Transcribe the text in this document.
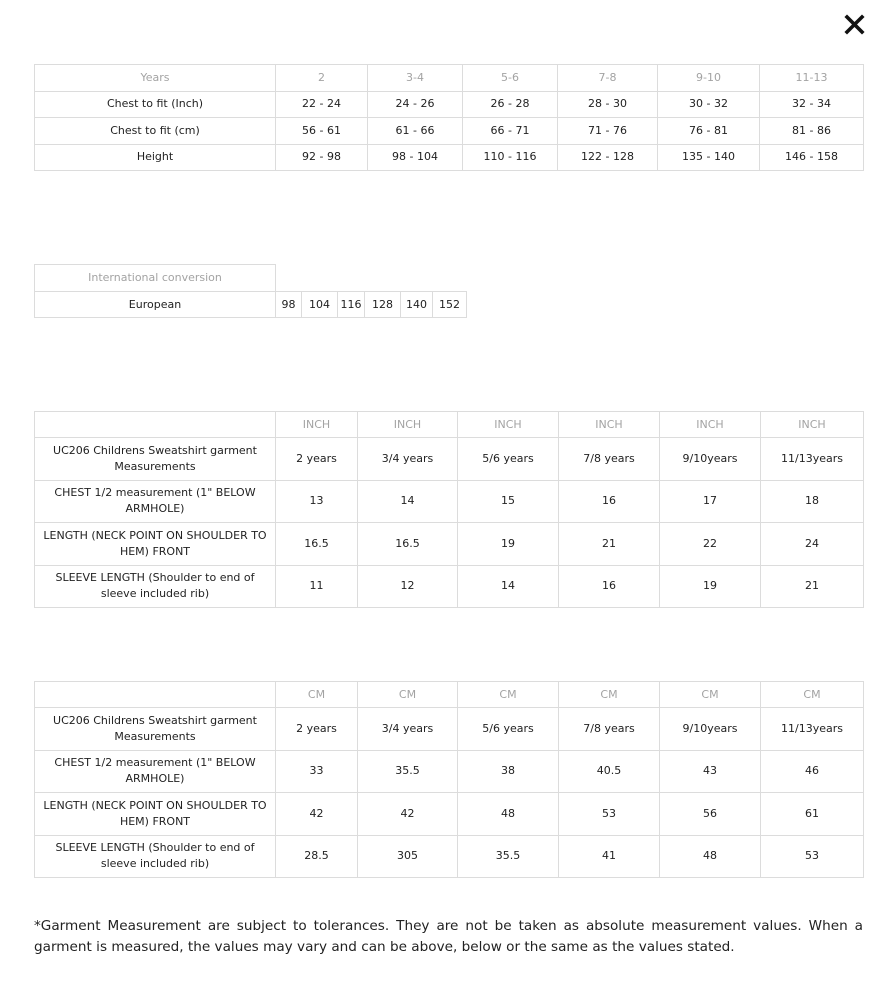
Years	2	3-4	5-6	7-8	9-10	11-13
Chest to fit (Inch)	22 - 24	24 - 26	26 - 28	28 - 30	30 - 32	32 - 34
Chest to fit (cm)	56 - 61	61 - 66	66 - 71	71 - 76	76 - 81	81 - 86
Height	92 - 98	98 - 104	110 - 116	122 - 128	135 - 140	146 - 158
International conversion						
European	98	104	116	128	140	152
	INCH	INCH	INCH	INCH	INCH	INCH
UC206 Childrens Sweatshirt garment Measurements	2 years	3/4 years	5/6 years	7/8 years	9/10years	11/13years
CHEST 1/2 measurement (1" BELOW ARMHOLE)	13	14	15	16	17	18
LENGTH (NECK POINT ON SHOULDER TO HEM) FRONT	16.5	16.5	19	21	22	24
SLEEVE LENGTH (Shoulder to end of sleeve included rib)	11	12	14	16	19	21
	CM	CM	CM	CM	CM	CM
UC206 Childrens Sweatshirt garment Measurements	2 years	3/4 years	5/6 years	7/8 years	9/10years	11/13years
CHEST 1/2 measurement (1" BELOW ARMHOLE)	33	35.5	38	40.5	43	46
LENGTH (NECK POINT ON SHOULDER TO HEM) FRONT	42	42	48	53	56	61
SLEEVE LENGTH (Shoulder to end of sleeve included rib)	28.5	305	35.5	41	48	53
*Garment Measurement are subject to tolerances. They are not be taken as absolute measurement values. When a garment is measured, the values may vary and can be above, below or the same as the values stated.
